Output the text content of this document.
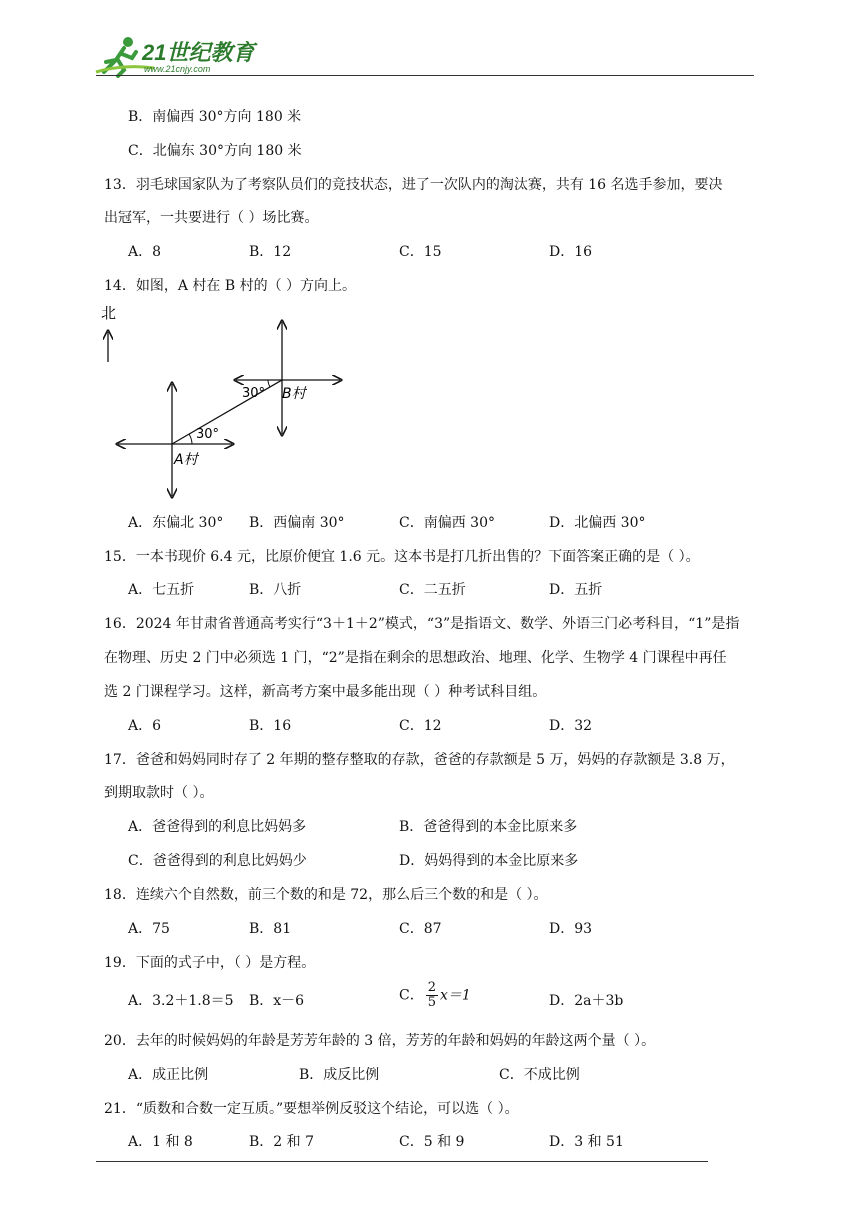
21世纪教育
www.21cnjy.com
B．南偏西 30°方向 180 米
C．北偏东 30°方向 180 米
13．羽毛球国家队为了考察队员们的竞技状态，进了一次队内的淘汰赛，共有 16 名选手参加，要决
出冠军，一共要进行（ ）场比赛。
A．8	B．12	C．15	D．16
14．如图，A 村在 B 村的（ ）方向上。
北
30°
30° B村
A村
A．东偏北 30° B．西偏南 30°	C．南偏西 30°	D．北偏西 30°
15．一本书现价 6.4 元，比原价便宜 1.6 元。这本书是打几折出售的？下面答案正确的是（ ）。
A．七五折	B．八折	C．二五折	D．五折
16．2024 年甘肃省普通高考实行“3＋1＋2”模式，“3”是指语文、数学、外语三门必考科目，“1”是指
在物理、历史 2 门中必须选 1 门，“2”是指在剩余的思想政治、地理、化学、生物学 4 门课程中再任
选 2 门课程学习。这样，新高考方案中最多能出现（ ）种考试科目组。
A．6	B．16	C．12	D．32
17．爸爸和妈妈同时存了 2 年期的整存整取的存款，爸爸的存款额是 5 万，妈妈的存款额是 3.8 万，
到期取款时（ ）。
A．爸爸得到的利息比妈妈多	B．爸爸得到的本金比原来多
C．爸爸得到的利息比妈妈少	D．妈妈得到的本金比原来多
18．连续六个自然数，前三个数的和是 72，那么后三个数的和是（ ）。
A．75	B．81	C．87	D．93
19．下面的式子中，（ ）是方程。
A．3.2＋1.8＝5 B．x－6	C． $\frac{2}{5} x=1$	D．2a＋3b
20．去年的时候妈妈的年龄是芳芳年龄的 3 倍，芳芳的年龄和妈妈的年龄这两个量（ ）。
A．成正比例	B．成反比例	C．不成比例
21．“质数和合数一定互质。”要想举例反驳这个结论，可以选（ ）。
A．1 和 8	B．2 和 7	C．5 和 9	D．3 和 51
